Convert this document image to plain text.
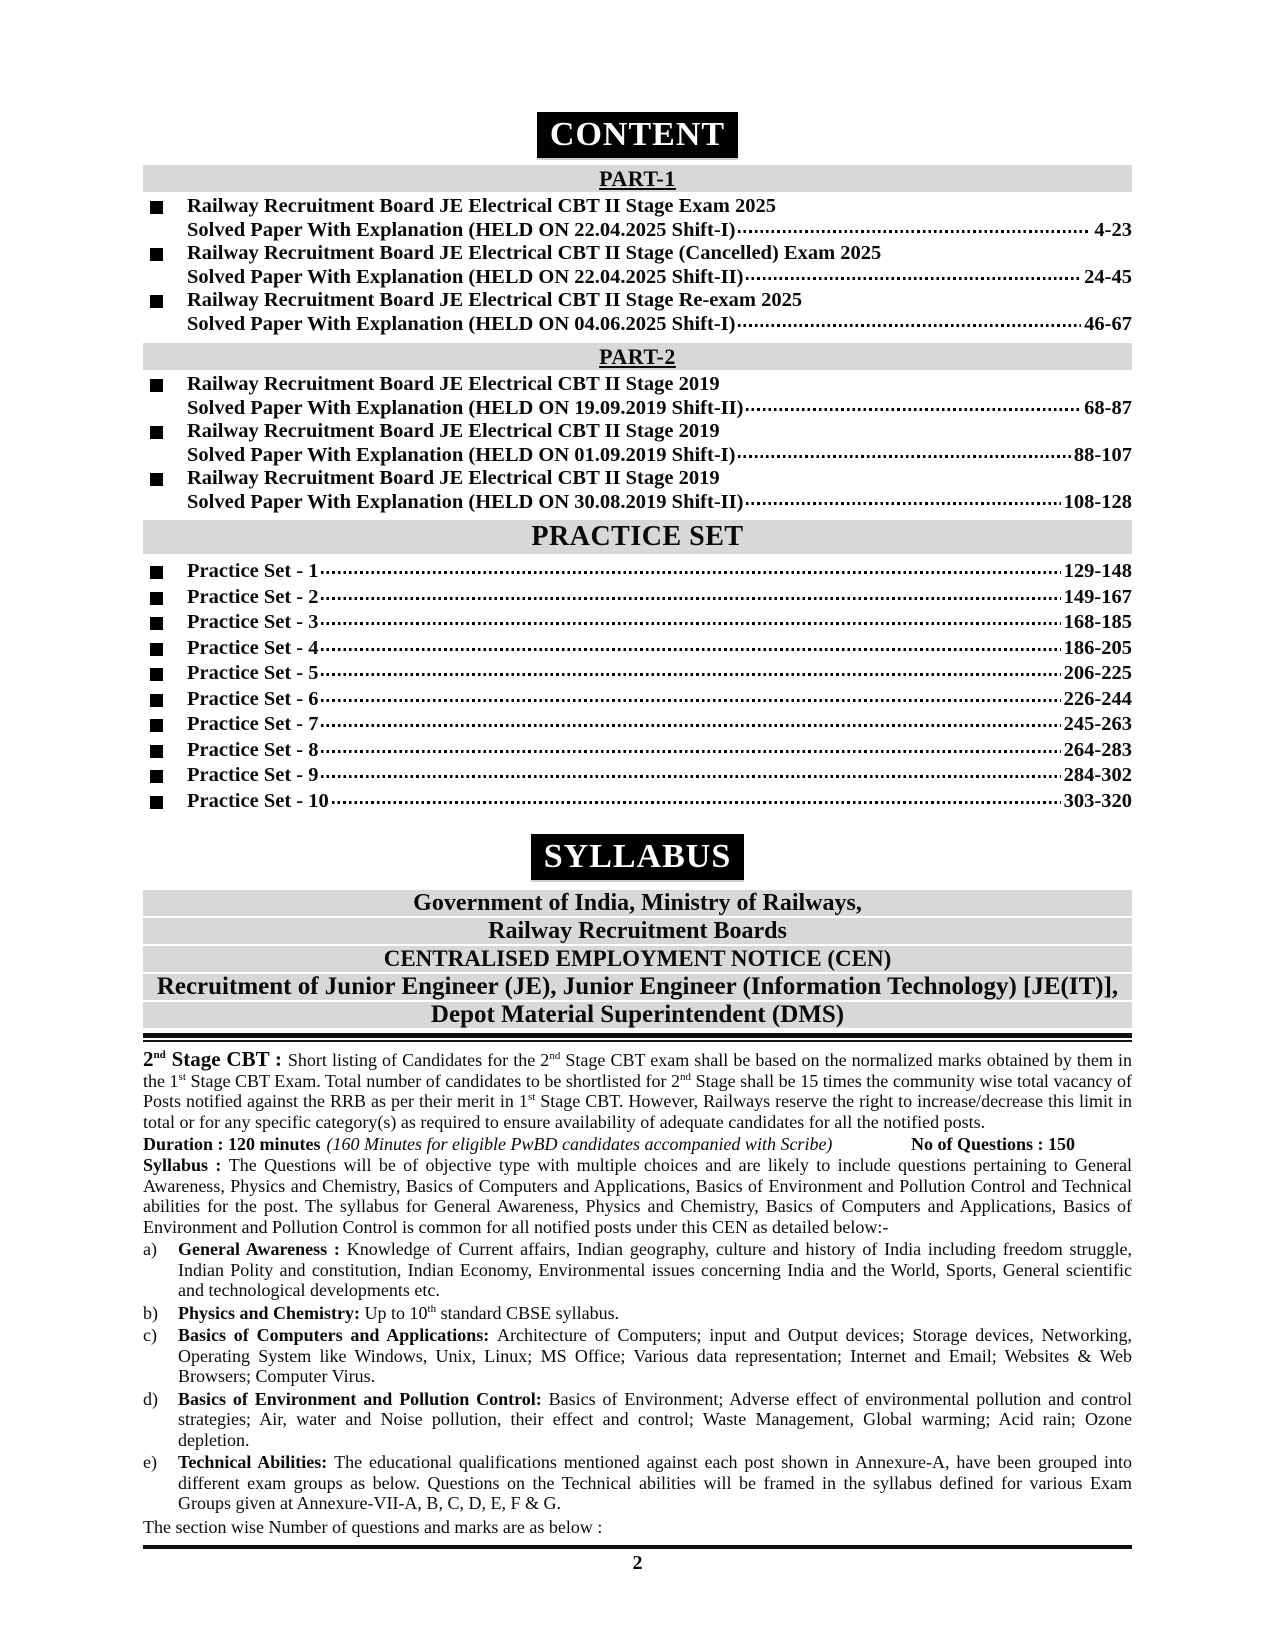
CONTENT
PART-1
Railway Recruitment Board JE Electrical CBT II Stage Exam 2025
Solved Paper With Explanation (HELD ON 22.04.2025 Shift-I)	4-23
Railway Recruitment Board JE Electrical CBT II Stage (Cancelled) Exam 2025
Solved Paper With Explanation (HELD ON 22.04.2025 Shift-II)	24-45
Railway Recruitment Board JE Electrical CBT II Stage Re-exam 2025
Solved Paper With Explanation (HELD ON 04.06.2025 Shift-I)	46-67
PART-2
Railway Recruitment Board JE Electrical CBT II Stage 2019
Solved Paper With Explanation (HELD ON 19.09.2019 Shift-II)	68-87
Railway Recruitment Board JE Electrical CBT II Stage 2019
Solved Paper With Explanation (HELD ON 01.09.2019 Shift-I)	88-107
Railway Recruitment Board JE Electrical CBT II Stage 2019
Solved Paper With Explanation (HELD ON 30.08.2019 Shift-II)	108-128
PRACTICE SET
Practice Set - 1	129-148
Practice Set - 2	149-167
Practice Set - 3	168-185
Practice Set - 4	186-205
Practice Set - 5	206-225
Practice Set - 6	226-244
Practice Set - 7	245-263
Practice Set - 8	264-283
Practice Set - 9	284-302
Practice Set - 10	303-320
SYLLABUS
Government of India, Ministry of Railways,
Railway Recruitment Boards
CENTRALISED EMPLOYMENT NOTICE (CEN)
Recruitment of Junior Engineer (JE), Junior Engineer (Information Technology) [JE(IT)],
Depot Material Superintendent (DMS)

2nd Stage CBT : Short listing of Candidates for the 2nd Stage CBT exam shall be based on the normalized marks obtained by them in the 1st Stage CBT Exam. Total number of candidates to be shortlisted for 2nd Stage shall be 15 times the community wise total vacancy of Posts notified against the RRB as per their merit in 1st Stage CBT. However, Railways reserve the right to increase/decrease this limit in total or for any specific category(s) as required to ensure availability of adequate candidates for all the notified posts.

Duration : 120 minutes (160 Minutes for eligible PwBD candidates accompanied with Scribe)	No of Questions : 150

Syllabus : The Questions will be of objective type with multiple choices and are likely to include questions pertaining to General Awareness, Physics and Chemistry, Basics of Computers and Applications, Basics of Environment and Pollution Control and Technical abilities for the post. The syllabus for General Awareness, Physics and Chemistry, Basics of Computers and Applications, Basics of Environment and Pollution Control is common for all notified posts under this CEN as detailed below:-

a)	General Awareness : Knowledge of Current affairs, Indian geography, culture and history of India including freedom struggle, Indian Polity and constitution, Indian Economy, Environmental issues concerning India and the World, Sports, General scientific and technological developments etc.
b)	Physics and Chemistry: Up to 10th standard CBSE syllabus.
c)	Basics of Computers and Applications: Architecture of Computers; input and Output devices; Storage devices, Networking, Operating System like Windows, Unix, Linux; MS Office; Various data representation; Internet and Email; Websites & Web Browsers; Computer Virus.
d)	Basics of Environment and Pollution Control: Basics of Environment; Adverse effect of environmental pollution and control strategies; Air, water and Noise pollution, their effect and control; Waste Management, Global warming; Acid rain; Ozone depletion.
e)	Technical Abilities: The educational qualifications mentioned against each post shown in Annexure-A, have been grouped into different exam groups as below. Questions on the Technical abilities will be framed in the syllabus defined for various Exam Groups given at Annexure-VII-A, B, C, D, E, F & G.
The section wise Number of questions and marks are as below :
2
